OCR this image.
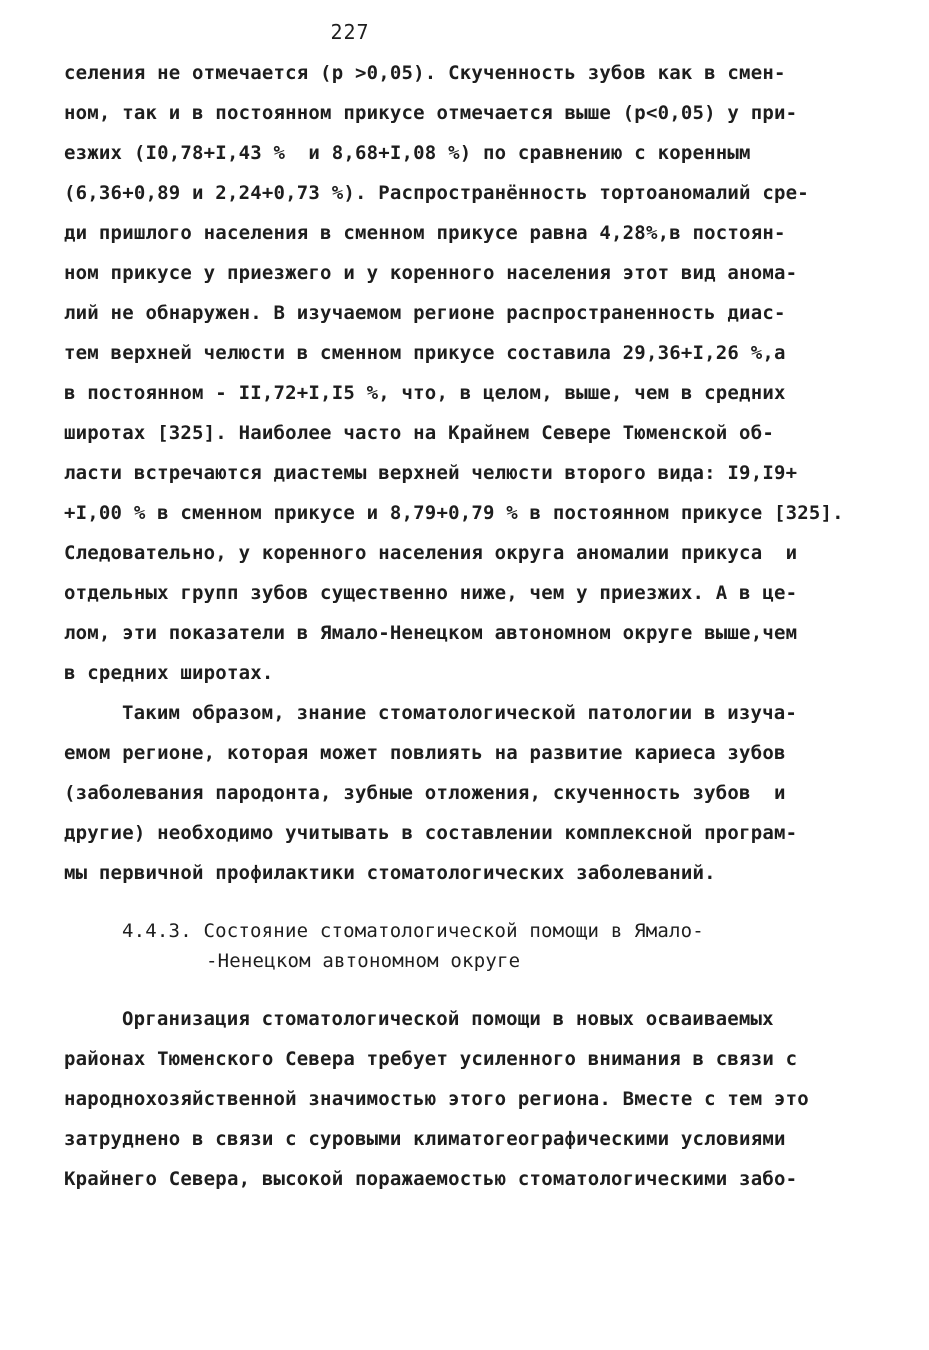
227
селения не отмечается (p >0,05). Скученность зубов как в смен-
ном, так и в постоянном прикусе отмечается выше (p<0,05) у при-
езжих (I0,78+I,43 %  и 8,68+I,08 %) по сравнению с коренным
(6,36+0,89 и 2,24+0,73 %). Распространённость тортоаномалий сре-
ди пришлого населения в сменном прикусе равна 4,28%,в постоян-
ном прикусе у приезжего и у коренного населения этот вид анома-
лий не обнаружен. В изучаемом регионе распространенность диас-
тем верхней челюсти в сменном прикусе составила 29,36+I,26 %,а
в постоянном - II,72+I,I5 %, что, в целом, выше, чем в средних
широтах [325]. Наиболее часто на Крайнем Севере Тюменской об-
ласти встречаются диастемы верхней челюсти второго вида: I9,I9+
+I,00 % в сменном прикусе и 8,79+0,79 % в постоянном прикусе [325].
Следовательно, у коренного населения округа аномалии прикуса  и
отдельных групп зубов существенно ниже, чем у приезжих. А в це-
лом, эти показатели в Ямало-Ненецком автономном округе выше,чем
в средних широтах.
Таким образом, знание стоматологической патологии в изуча-
емом регионе, которая может повлиять на развитие кариеса зубов
(заболевания пародонта, зубные отложения, скученность зубов  и
другие) необходимо учитывать в составлении комплексной програм-
мы первичной профилактики стоматологических заболеваний.
4.4.3. Состояние стоматологической помощи в Ямало-
-Ненецком автономном округе
Организация стоматологической помощи в новых осваиваемых
районах Тюменского Севера требует усиленного внимания в связи с
народнохозяйственной значимостью этого региона. Вместе с тем это
затруднено в связи с суровыми климатогеографическими условиями
Крайнего Севера, высокой поражаемостью стоматологическими забо-
